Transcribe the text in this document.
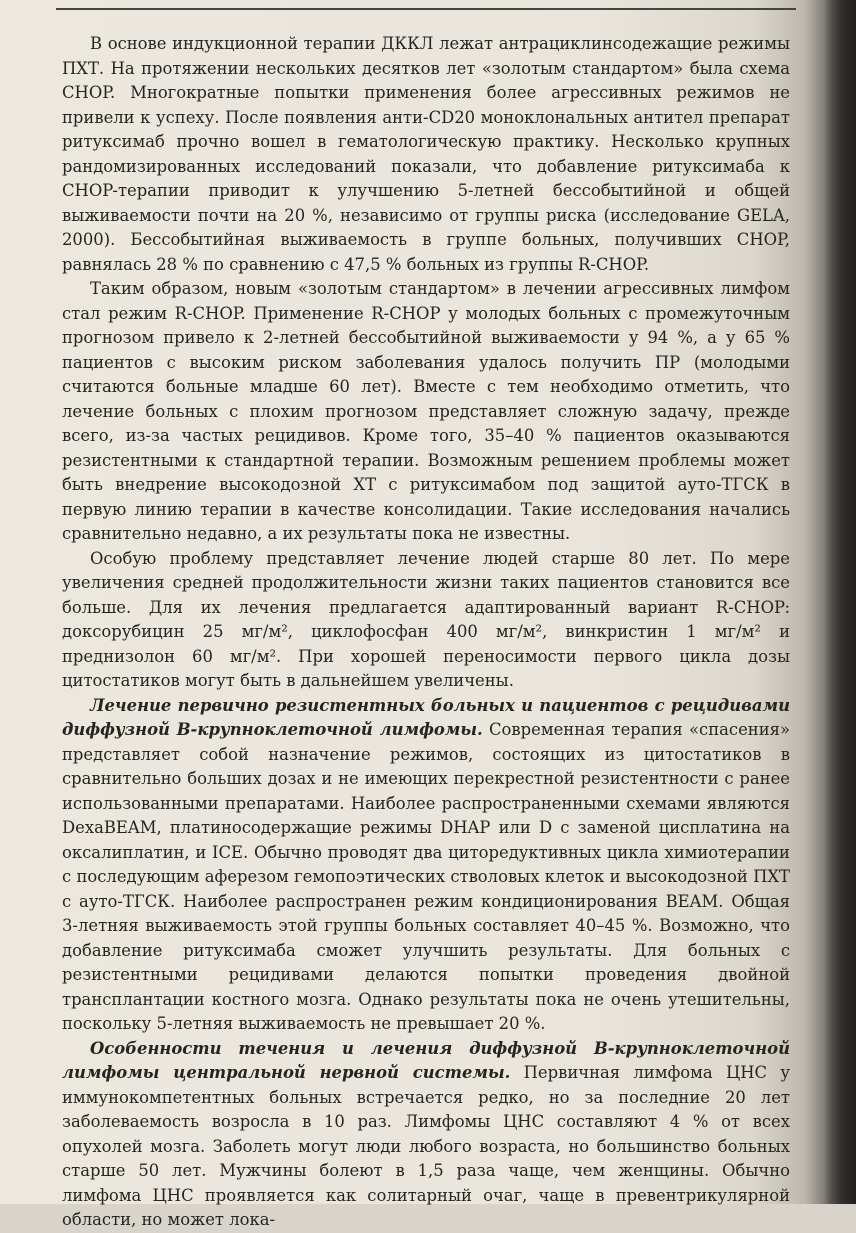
В основе индукционной терапии ДККЛ лежат антрациклинсодежащие режимы ПХТ. На протяжении нескольких десятков лет «золотым стандартом» была схема CHOP. Многократные попытки применения более агрессивных режимов не привели к успеху. После появления анти-CD20 моноклональных антител препарат ритуксимаб прочно вошел в гематологическую практику. Несколько крупных рандомизированных исследований показали, что добавление ритуксимаба к CHOP-терапии приводит к улучшению 5-летней бессобытийной и общей выживаемости почти на 20 %, независимо от группы риска (исследование GELA, 2000). Бессобытийная выживаемость в группе больных, получивших CHOP, равнялась 28 % по сравнению с 47,5 % больных из группы R-CHOP.

Таким образом, новым «золотым стандартом» в лечении агрессивных лимфом стал режим R-CHOP. Применение R-CHOP у молодых больных с промежуточным прогнозом привело к 2-летней бессобытийной выживаемости у 94 %, а у 65 % пациентов с высоким риском заболевания удалось получить ПР (молодыми считаются больные младше 60 лет). Вместе с тем необходимо отметить, что лечение больных с плохим прогнозом представляет сложную задачу, прежде всего, из-за частых рецидивов. Кроме того, 35–40 % пациентов оказываются резистентными к стандартной терапии. Возможным решением проблемы может быть внедрение высокодозной ХТ с ритуксимабом под защитой ауто-ТГСК в первую линию терапии в качестве консолидации. Такие исследования начались сравнительно недавно, а их результаты пока не известны.

Особую проблему представляет лечение людей старше 80 лет. По мере увеличения средней продолжительности жизни таких пациентов становится все больше. Для их лечения предлагается адаптированный вариант R-CHOP: доксорубицин 25 мг/м², циклофосфан 400 мг/м², винкристин 1 мг/м² и преднизолон 60 мг/м². При хорошей переносимости первого цикла дозы цитостатиков могут быть в дальнейшем увеличены.

Лечение первично резистентных больных и пациентов с рецидивами диффузной В-крупноклеточной лимфомы. Современная терапия «спасения» представляет собой назначение режимов, состоящих из цитостатиков в сравнительно больших дозах и не имеющих перекрестной резистентности с ранее использованными препаратами. Наиболее распространенными схемами являются DexaBEAM, платиносодержащие режимы DHAP или D с заменой цисплатина на оксалиплатин, и ICE. Обычно проводят два циторедуктивных цикла химиотерапии с последующим аферезом гемопоэтических стволовых клеток и высокодозной ПХТ с ауто-ТГСК. Наиболее распространен режим кондиционирования BEAM. Общая 3-летняя выживаемость этой группы больных составляет 40–45 %. Возможно, что добавление ритуксимаба сможет улучшить результаты. Для больных с резистентными рецидивами делаются попытки проведения двойной трансплантации костного мозга. Однако результаты пока не очень утешительны, поскольку 5-летняя выживаемость не превышает 20 %.

Особенности течения и лечения диффузной В-крупноклеточной лимфомы центральной нервной системы. Первичная лимфома ЦНС у иммунокомпетентных больных встречается редко, но за последние 20 лет заболеваемость возросла в 10 раз. Лимфомы ЦНС составляют 4 % от всех опухолей мозга. Заболеть могут люди любого возраста, но большинство больных старше 50 лет. Мужчины болеют в 1,5 раза чаще, чем женщины. Обычно лимфома ЦНС проявляется как солитарный очаг, чаще в превентрикулярной области, но может лока-
